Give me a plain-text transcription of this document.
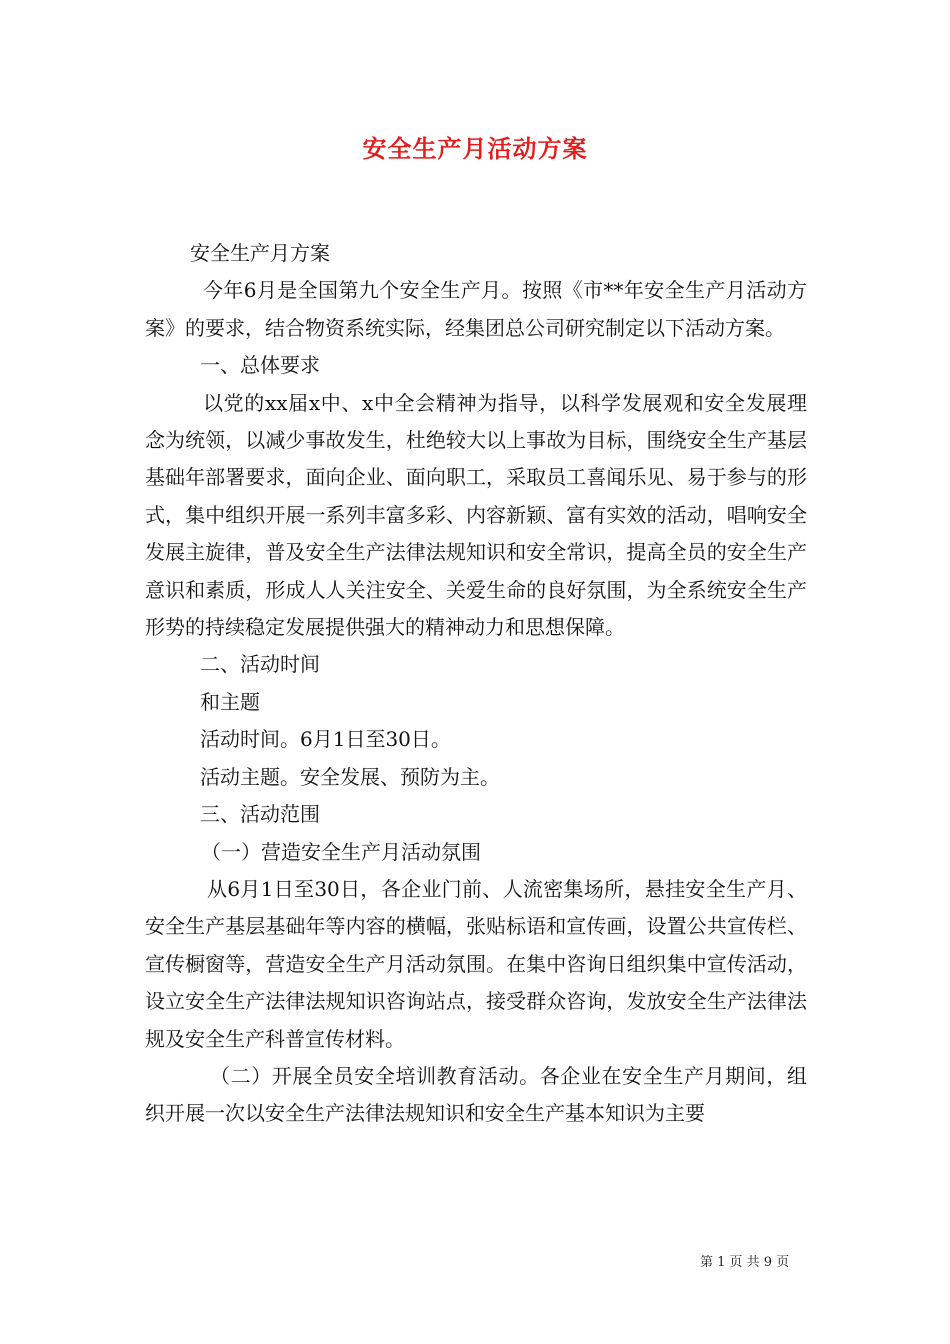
安全生产月活动方案

安全生产月方案

今年6月是全国第九个安全生产月。按照《市**年安全生产月活动方案》的要求，结合物资系统实际，经集团总公司研究制定以下活动方案。

一、总体要求

以党的xx届x中、x中全会精神为指导，以科学发展观和安全发展理念为统领，以减少事故发生，杜绝较大以上事故为目标，围绕安全生产基层基础年部署要求，面向企业、面向职工，采取员工喜闻乐见、易于参与的形式，集中组织开展一系列丰富多彩、内容新颖、富有实效的活动，唱响安全发展主旋律，普及安全生产法律法规知识和安全常识，提高全员的安全生产意识和素质，形成人人关注安全、关爱生命的良好氛围，为全系统安全生产形势的持续稳定发展提供强大的精神动力和思想保障。

二、活动时间

和主题

活动时间。6月1日至30日。

活动主题。安全发展、预防为主。

三、活动范围

（一）营造安全生产月活动氛围

从6月1日至30日，各企业门前、人流密集场所，悬挂安全生产月、安全生产基层基础年等内容的横幅，张贴标语和宣传画，设置公共宣传栏、宣传橱窗等，营造安全生产月活动氛围。在集中咨询日组织集中宣传活动，设立安全生产法律法规知识咨询站点，接受群众咨询，发放安全生产法律法规及安全生产科普宣传材料。

（二）开展全员安全培训教育活动。各企业在安全生产月期间，组织开展一次以安全生产法律法规知识和安全生产基本知识为主要

第 1 页 共 9 页
